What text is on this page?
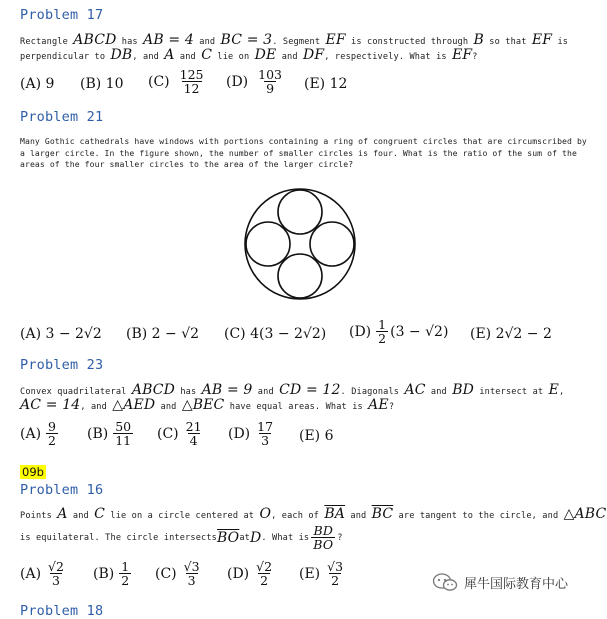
Problem 17
Rectangle ABCD has AB = 4 and BC = 3. Segment EF is constructed through B so that EF is
perpendicular to DB, and A and C lie on DE and DF, respectively. What is EF?
(A) 9 (B) 10 $(C) \frac{125}{12} (D) \frac{103}{9} (E)$ 12
Problem 21
Many Gothic cathedrals have windows with portions containing a ring of congruent circles that are circumscribed by
a larger circle. In the figure shown, the number of smaller circles is four. What is the ratio of the sum of the
areas of the four smaller circles to the area of the larger circle?
(A) 3 − 2√2 (B) 2 − √2 (C) 4(3 − 2√2) $(D) \frac{1}{2} (3 - √2)$ (E) 2√2 − 2
Problem 23
Convex quadrilateral ABCD has AB = 9 and CD = 12. Diagonals AC and BD intersect at E,
AC = 14, and △AED and △BEC have equal areas. What is AE?
$(A) \frac{9}{2} (B) \frac{50}{11} (C) \frac{21}{4} (D) \frac{17}{3} (E)$ 6
09b
Problem 16
Points A and C lie on a circle centered at O, each of $\overline{BA}$ and $\overline{BC}$ are tangent to the circle, and △ABC
is equilateral. The circle intersects $\overline{BO}$ at D . What is $\frac{BD}{BO}$ ?
$(A) \frac{√2}{3} (B) \frac{1}{2} (C) \frac{√3}{3} (D) \frac{√2}{2} (E) \frac{√3}{2}$	犀牛国际教育中心
Problem 18
